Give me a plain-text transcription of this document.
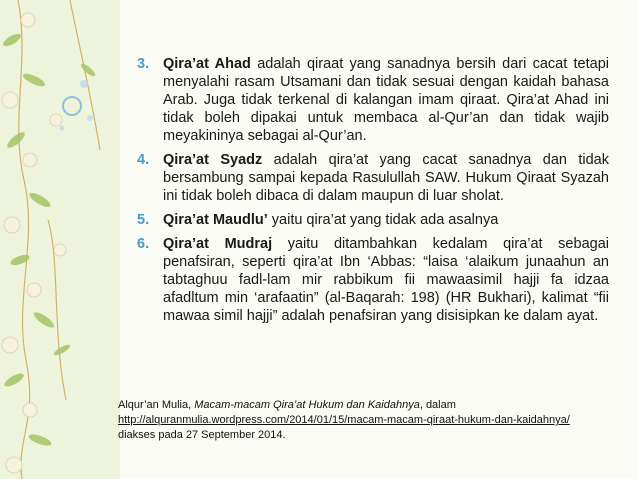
3. Qira’at Ahad adalah qiraat yang sanadnya bersih dari cacat tetapi menyalahi rasam Utsamani dan tidak sesuai dengan kaidah bahasa Arab. Juga tidak terkenal di kalangan imam qiraat. Qira’at Ahad ini tidak boleh dipakai untuk membaca al-Qur’an dan tidak wajib meyakininya sebagai al-Qur’an.
4. Qira’at Syadz adalah qira’at yang cacat sanadnya dan tidak bersambung sampai kepada Rasulullah SAW. Hukum Qiraat Syazah ini tidak boleh dibaca di dalam maupun di luar sholat.
5. Qira’at Maudlu’ yaitu qira’at yang tidak ada asalnya
6. Qira’at Mudraj yaitu ditambahkan kedalam qira’at sebagai penafsiran, seperti qira’at Ibn ‘Abbas: “laisa ‘alaikum junaahun an tabtaghuu fadl-lam mir rabbikum fii mawaasimil hajji fa idzaa afadltum min ‘arafaatin” (al-Baqarah: 198) (HR Bukhari), kalimat “fii mawaa simil hajji” adalah penafsiran yang disisipkan ke dalam ayat.
Alqur’an Mulia, Macam-macam Qira’at Hukum dan Kaidahnya, dalam
http://alquranmulia.wordpress.com/2014/01/15/macam-macam-qiraat-hukum-dan-kaidahnya/ diakses pada 27 September 2014.
